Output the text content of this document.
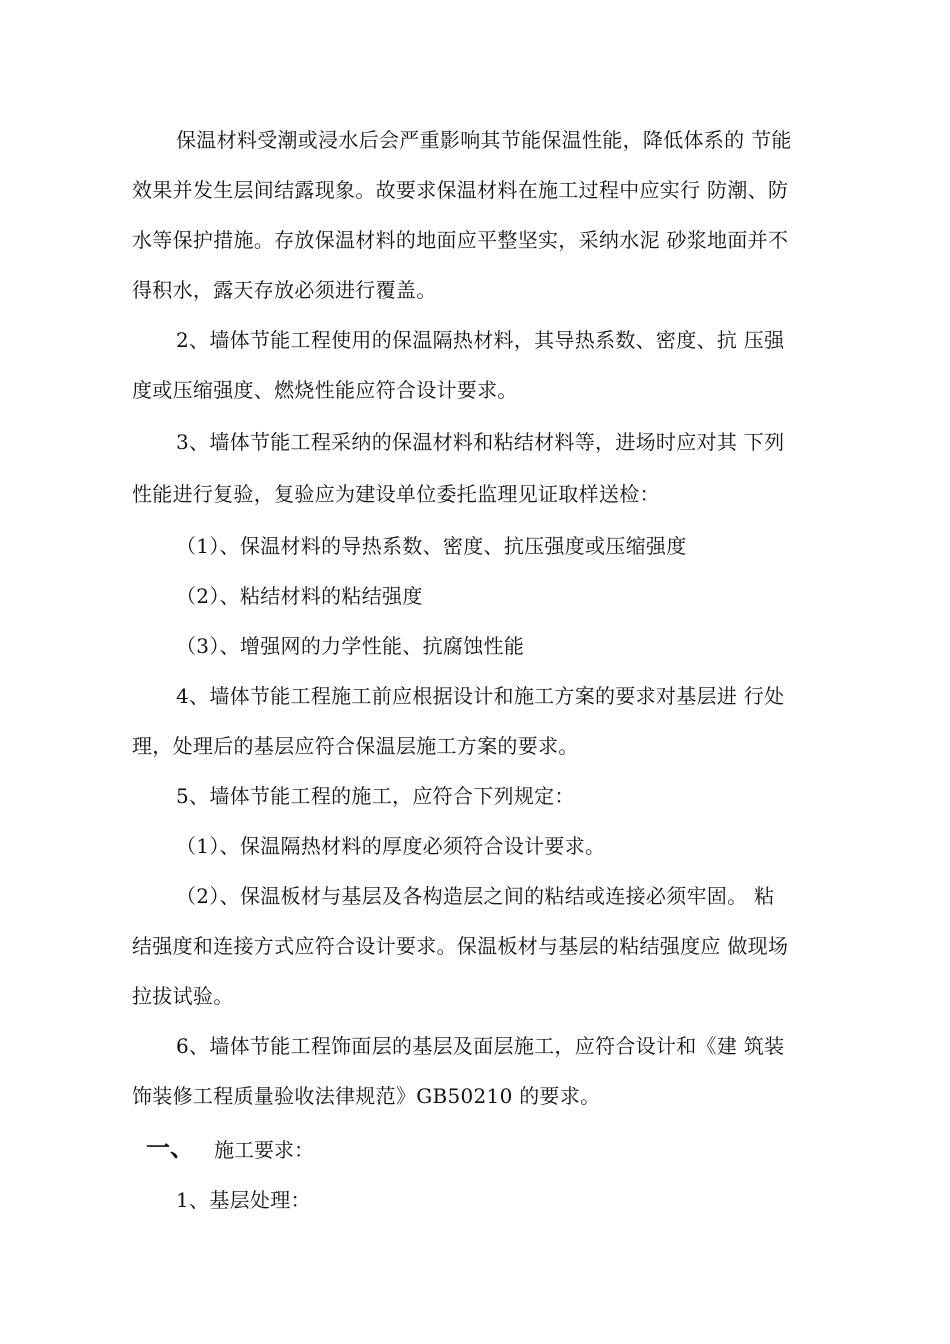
保温材料受潮或浸水后会严重影响其节能保温性能，降低体系的 节能
效果并发生层间结露现象。故要求保温材料在施工过程中应实行 防潮、防
水等保护措施。存放保温材料的地面应平整坚实，采纳水泥 砂浆地面并不
得积水，露天存放必须进行覆盖。
2、墙体节能工程使用的保温隔热材料，其导热系数、密度、抗 压强
度或压缩强度、燃烧性能应符合设计要求。
3、墙体节能工程采纳的保温材料和粘结材料等，进场时应对其 下列
性能进行复验，复验应为建设单位委托监理见证取样送检：
（1）、保温材料的导热系数、密度、抗压强度或压缩强度
（2）、粘结材料的粘结强度
（3）、增强网的力学性能、抗腐蚀性能
4、墙体节能工程施工前应根据设计和施工方案的要求对基层进 行处
理，处理后的基层应符合保温层施工方案的要求。
5、墙体节能工程的施工，应符合下列规定：
（1）、保温隔热材料的厚度必须符合设计要求。
（2）、保温板材与基层及各构造层之间的粘结或连接必须牢固。 粘
结强度和连接方式应符合设计要求。保温板材与基层的粘结强度应 做现场
拉拔试验。
6、墙体节能工程饰面层的基层及面层施工，应符合设计和《建 筑装
饰装修工程质量验收法律规范》GB50210 的要求。
一、 施工要求：
1、基层处理：
